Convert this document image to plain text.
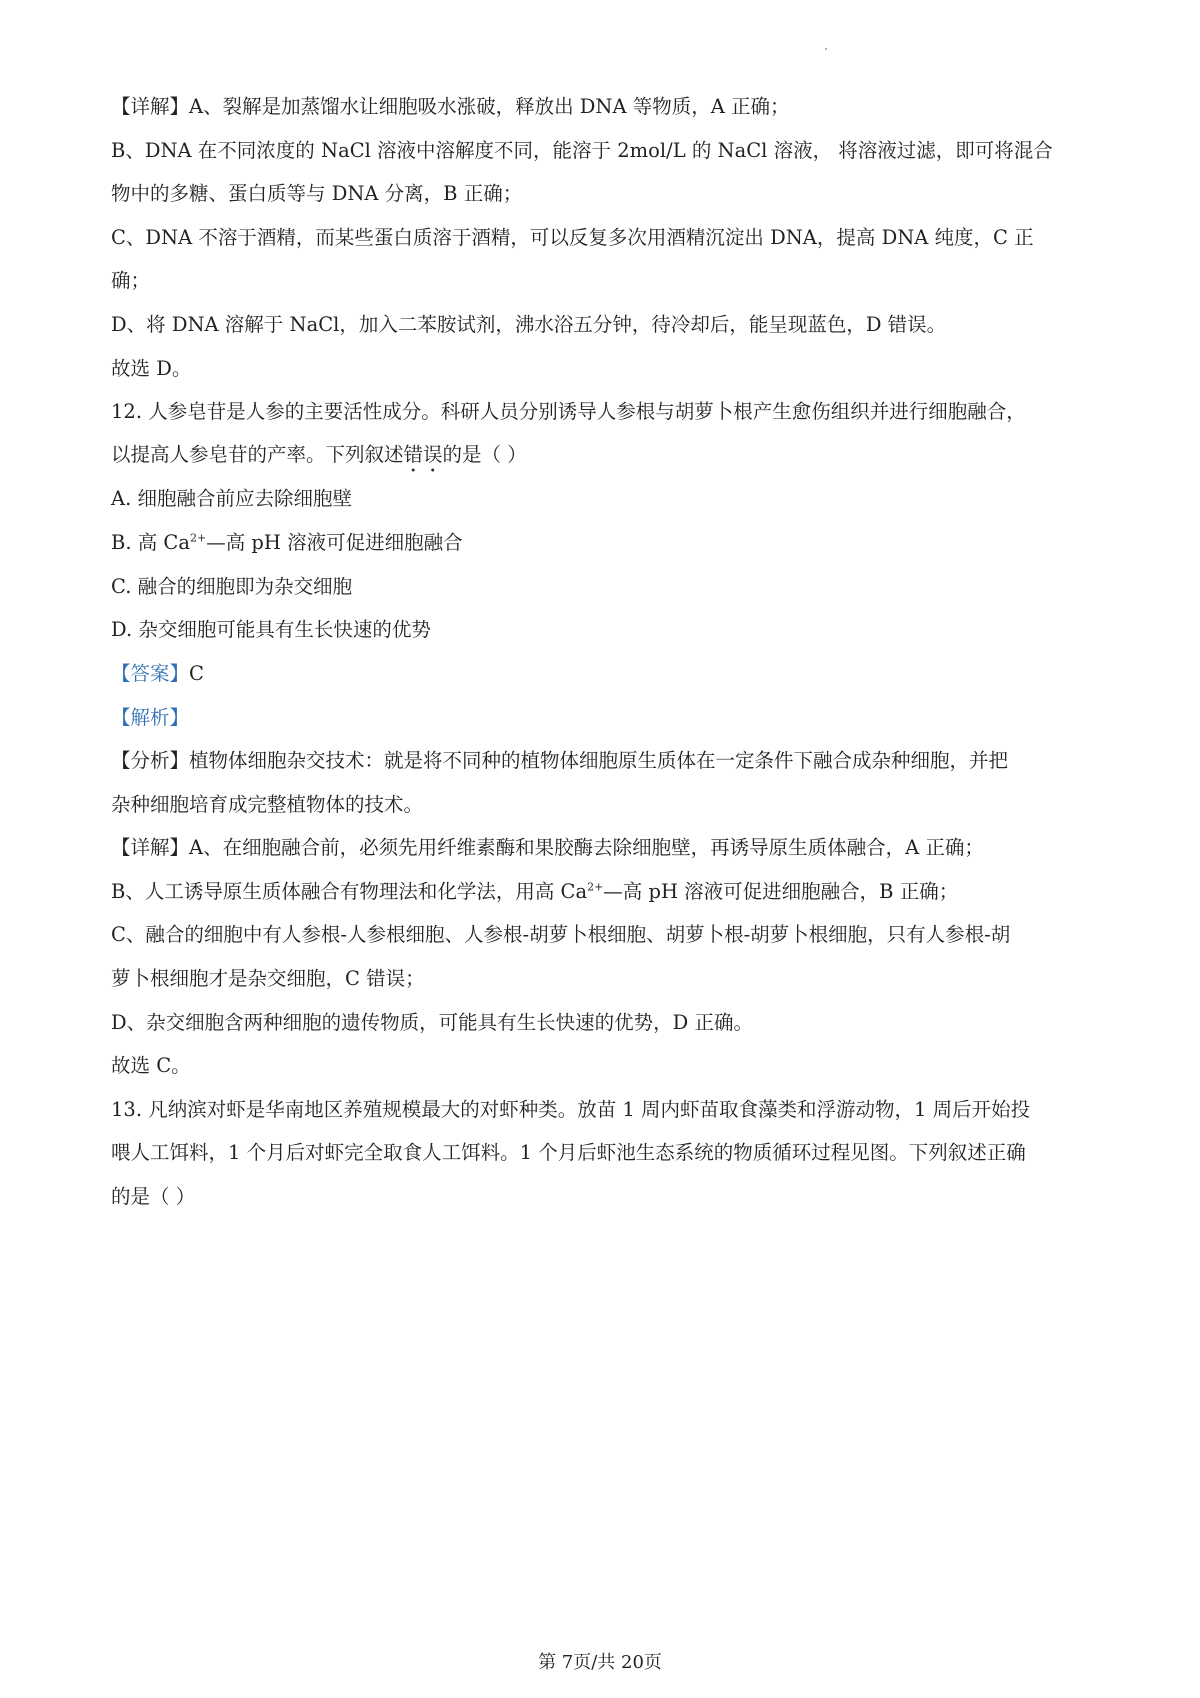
【详解】A、裂解是加蒸馏水让细胞吸水涨破，释放出 DNA 等物质，A 正确；
B、DNA 在不同浓度的 NaCl 溶液中溶解度不同，能溶于 2mol/L 的 NaCl 溶液， 将溶液过滤，即可将混合
物中的多糖、蛋白质等与 DNA 分离，B 正确；
C、DNA 不溶于酒精，而某些蛋白质溶于酒精，可以反复多次用酒精沉淀出 DNA，提高 DNA 纯度，C 正
确；
D、将 DNA 溶解于 NaCl，加入二苯胺试剂，沸水浴五分钟，待冷却后，能呈现蓝色，D 错误。
故选 D。
12. 人参皂苷是人参的主要活性成分。科研人员分别诱导人参根与胡萝卜根产生愈伤组织并进行细胞融合，
以提高人参皂苷的产率。下列叙述错误的是（ ）
A. 细胞融合前应去除细胞壁
B. 高 $Ca^{2+}—$高 pH 溶液可促进细胞融合
C. 融合的细胞即为杂交细胞
D. 杂交细胞可能具有生长快速的优势
【答案】C
【解析】
【分析】植物体细胞杂交技术：就是将不同种的植物体细胞原生质体在一定条件下融合成杂种细胞，并把
杂种细胞培育成完整植物体的技术。
【详解】A、在细胞融合前，必须先用纤维素酶和果胶酶去除细胞壁，再诱导原生质体融合，A 正确；
B、人工诱导原生质体融合有物理法和化学法，用高 $Ca^{2+}—$高 pH 溶液可促进细胞融合，B 正确；
C、融合的细胞中有人参根-人参根细胞、人参根-胡萝卜根细胞、胡萝卜根-胡萝卜根细胞，只有人参根-胡
萝卜根细胞才是杂交细胞，C 错误；
D、杂交细胞含两种细胞的遗传物质，可能具有生长快速的优势，D 正确。
故选 C。
13. 凡纳滨对虾是华南地区养殖规模最大的对虾种类。放苗 1 周内虾苗取食藻类和浮游动物，1 周后开始投
喂人工饵料，1 个月后对虾完全取食人工饵料。1 个月后虾池生态系统的物质循环过程见图。下列叙述正确
的是（ ）
第 7页/共 20页
